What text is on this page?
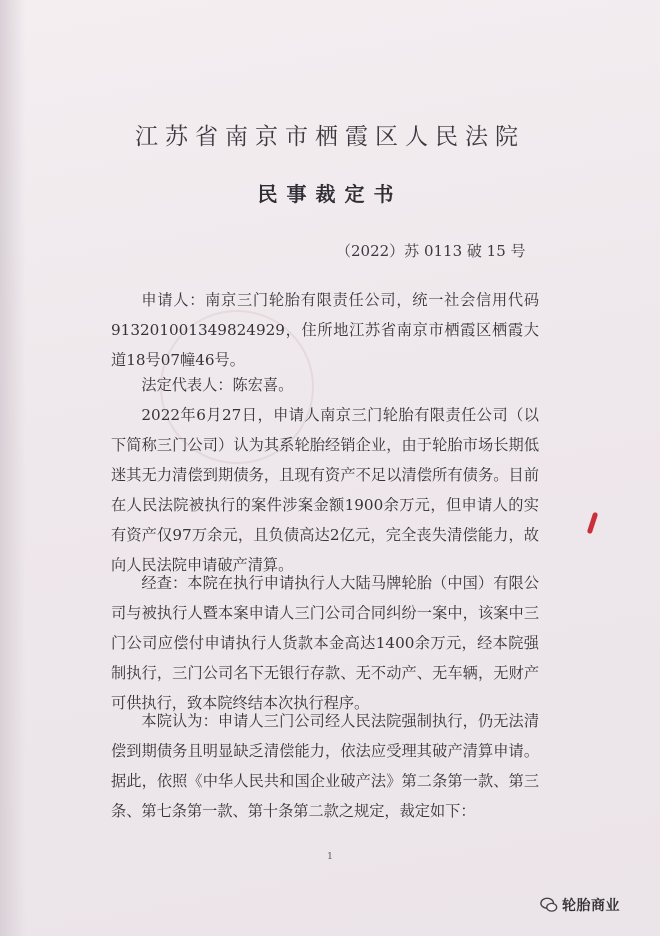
江苏省南京市栖霞区人民法院
民事裁定书
（2022）苏 0113 破 15 号

申请人：南京三门轮胎有限责任公司，统一社会信用代码913201001349824929，住所地江苏省南京市栖霞区栖霞大道18号07幢46号。

法定代表人：陈宏喜。

2022年6月27日，申请人南京三门轮胎有限责任公司（以下简称三门公司）认为其系轮胎经销企业，由于轮胎市场长期低迷其无力清偿到期债务，且现有资产不足以清偿所有债务。目前在人民法院被执行的案件涉案金额1900余万元，但申请人的实有资产仅97万余元，且负债高达2亿元，完全丧失清偿能力，故向人民法院申请破产清算。

经查：本院在执行申请执行人大陆马牌轮胎（中国）有限公司与被执行人暨本案申请人三门公司合同纠纷一案中，该案中三门公司应偿付申请执行人货款本金高达1400余万元，经本院强制执行，三门公司名下无银行存款、无不动产、无车辆，无财产可供执行，致本院终结本次执行程序。

本院认为：申请人三门公司经人民法院强制执行，仍无法清偿到期债务且明显缺乏清偿能力，依法应受理其破产清算申请。据此，依照《中华人民共和国企业破产法》第二条第一款、第三条、第七条第一款、第十条第二款之规定，裁定如下：

1
轮胎商业
